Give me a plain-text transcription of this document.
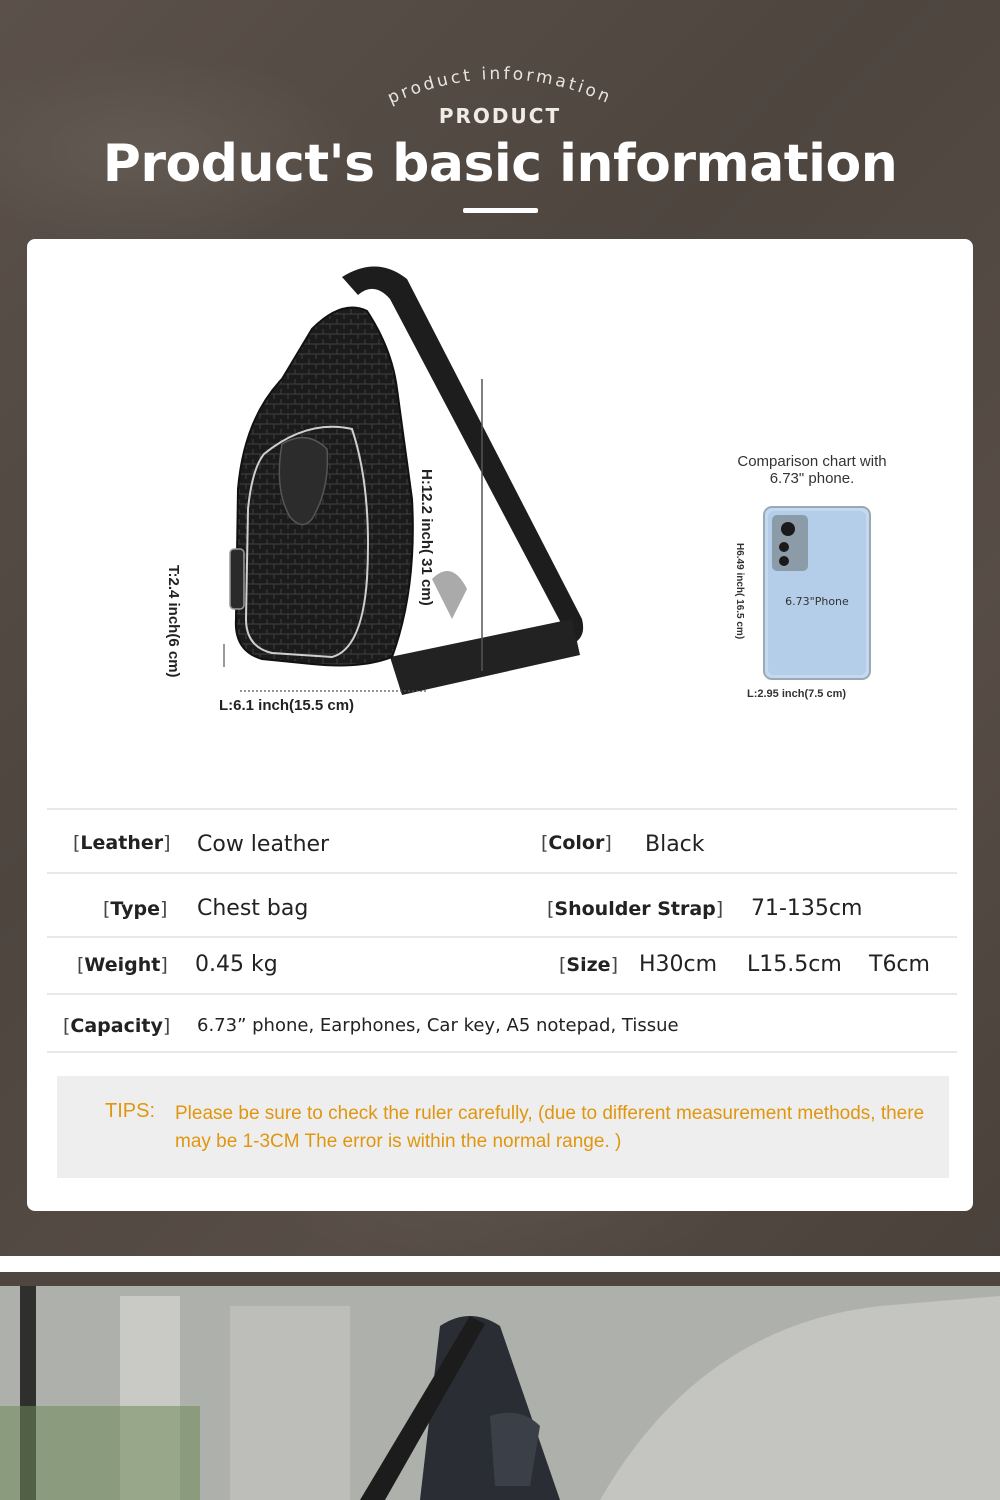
product information
PRODUCT
Product's basic information
H:12.2 inch( 31 cm)
T:2.4 inch(6 cm)
L:6.1 inch(15.5 cm)
Comparison chart with
6.73" phone.
6.73"Phone
H6.49 inch( 16.5 cm)
L:2.95 inch(7.5 cm)
[Leather] Cow leather	[Color] Black
[Type] Chest bag	[Shoulder Strap] 71-135cm
[Weight] 0.45 kg	[Size] H30cm L15.5cm T6cm
[Capacity] 6.73” phone, Earphones, Car key, A5 notepad, Tissue
TIPS: Please be sure to check the ruler carefully, (due to different measurement methods, there may be 1-3CM The error is within the normal range. )
